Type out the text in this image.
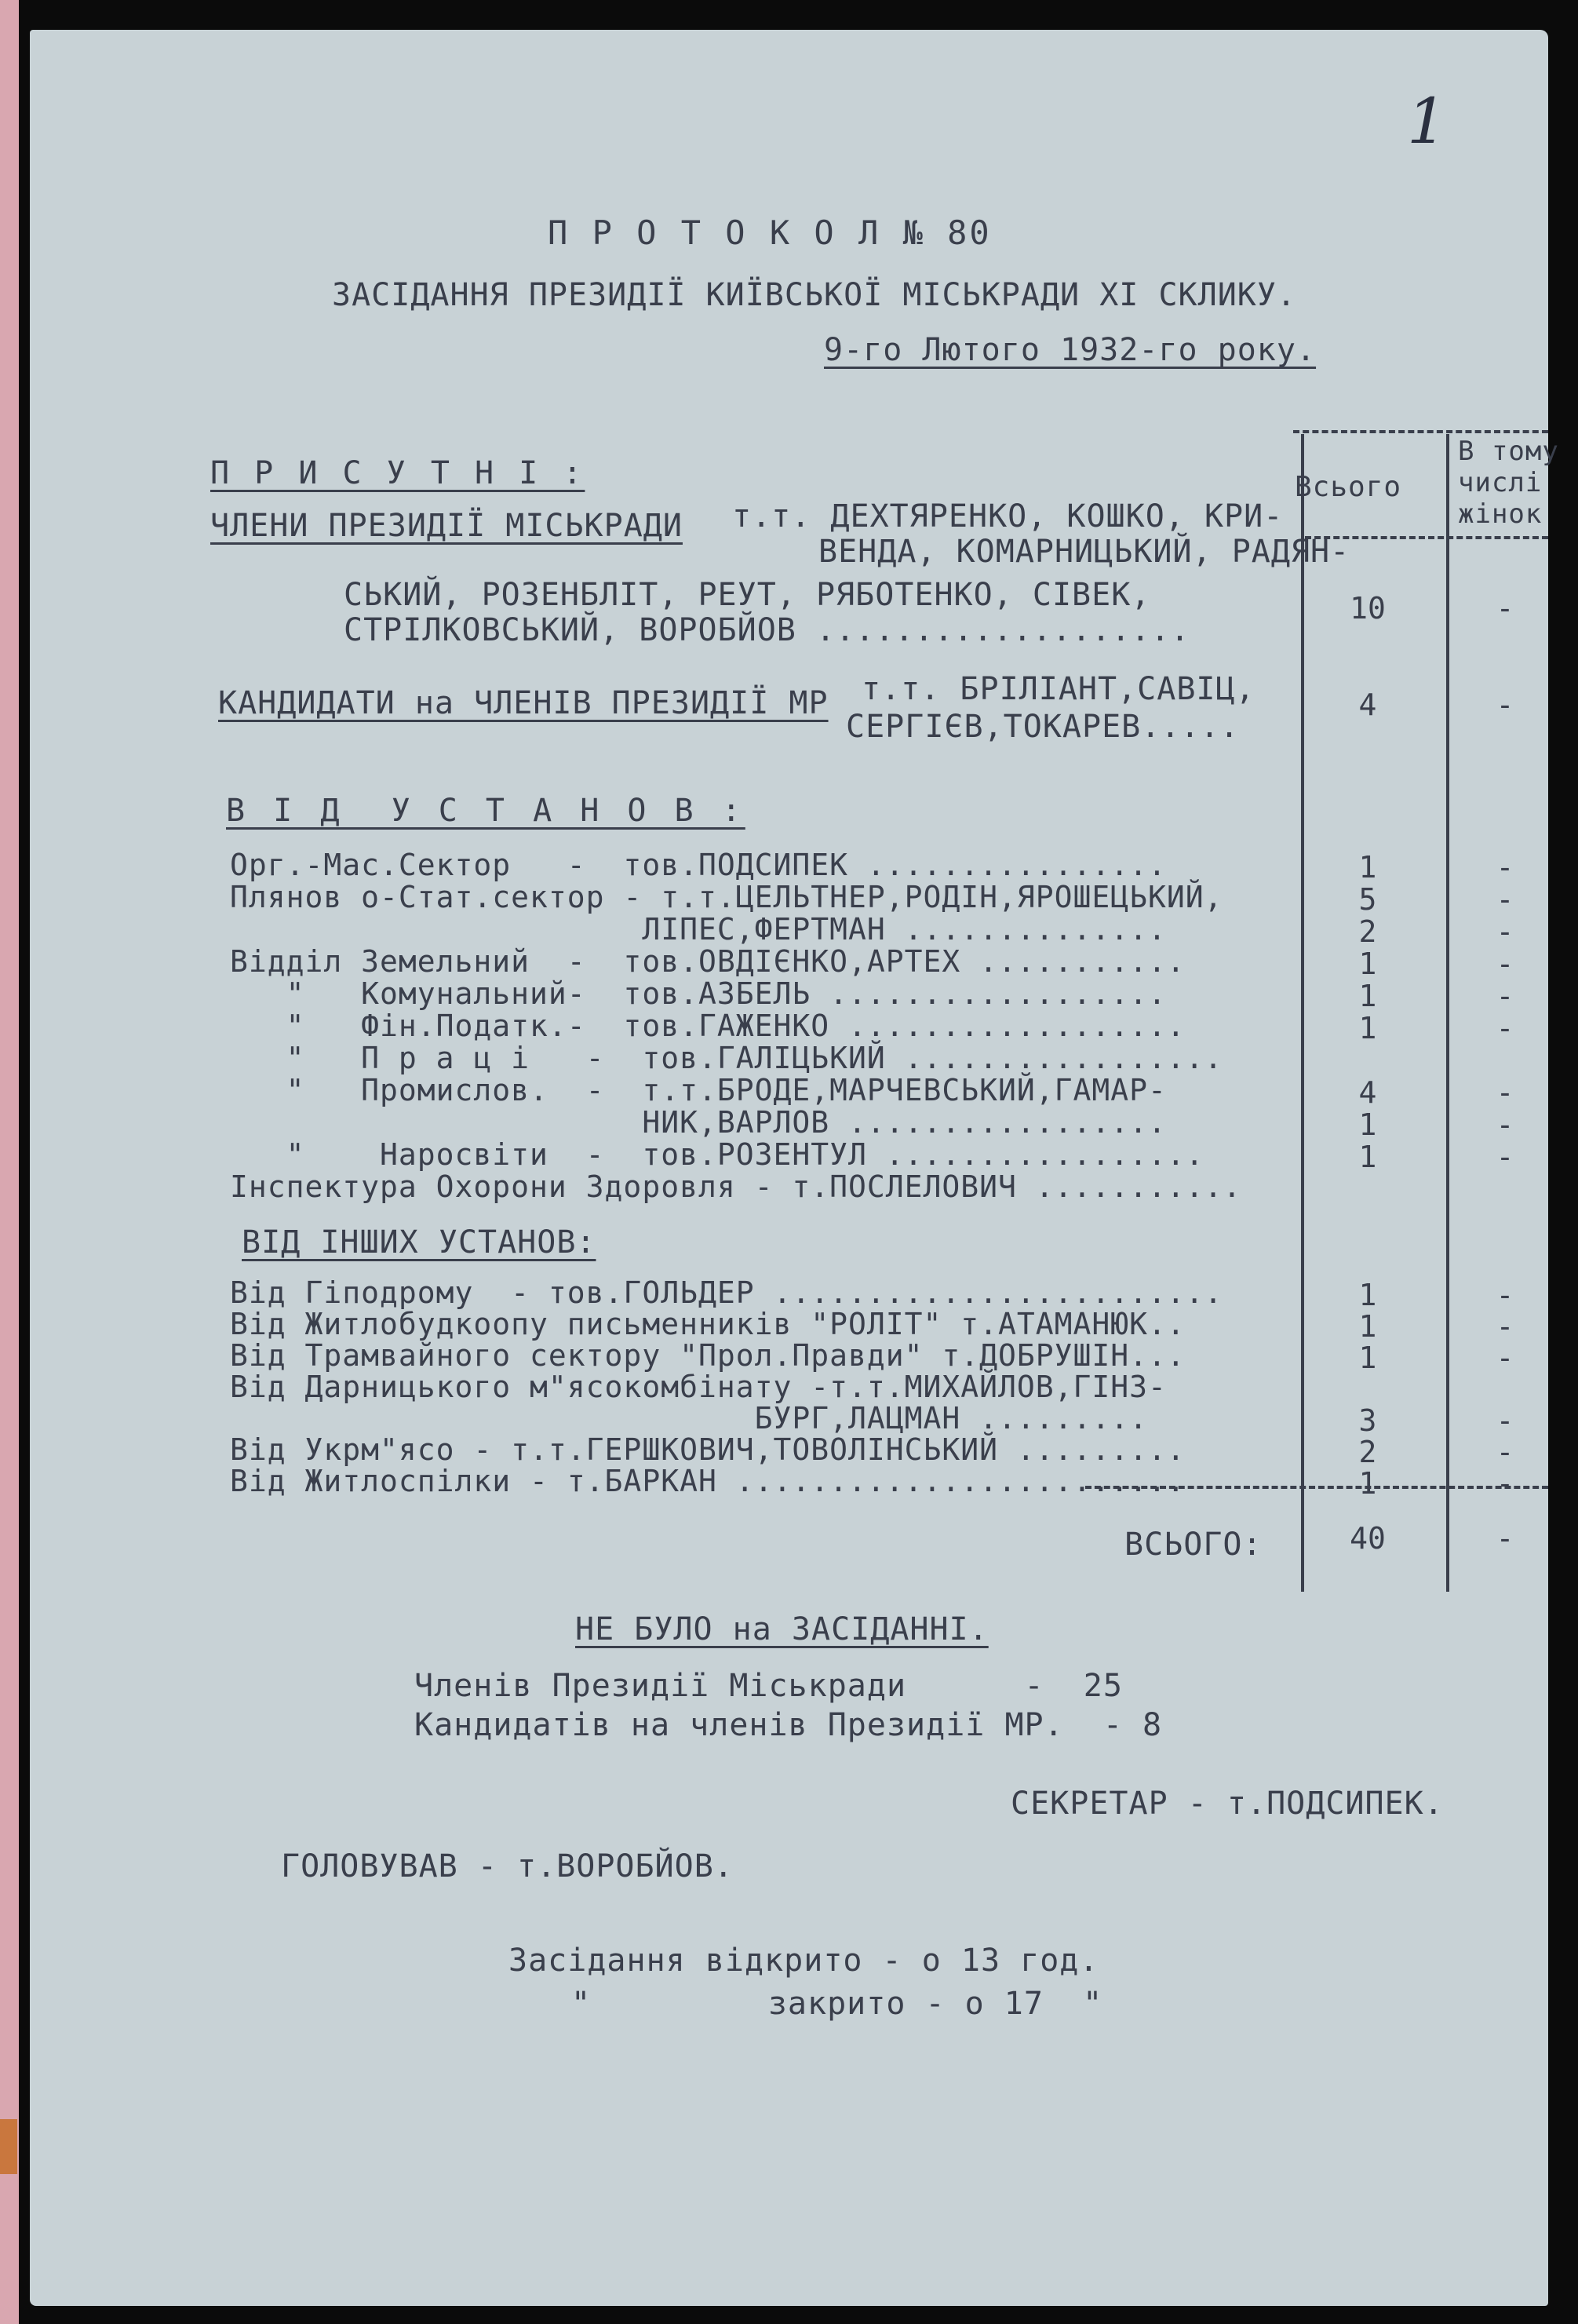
1
П Р О Т О К О Л № 80
ЗАСІДАННЯ ПРЕЗИДІЇ КИЇВСЬКОЇ МІСЬКРАДИ XI СКЛИКУ.
9-го Лютого 1932-го року.
Всього
В тому
числі
жінок
П Р И С У Т Н І :
ЧЛЕНИ ПРЕЗИДІЇ МІСЬКРАДИ т.т. ДЕХТЯРЕНКО, КОШКО, КРИ-
ВЕНДА, КОМАРНИЦЬКИЙ, РАДЯН-
СЬКИЙ, РОЗЕНБЛІТ, РЕУТ, РЯБОТЕНКО, СІВЕК,
СТРІЛКОВСЬКИЙ, ВОРОБЙОВ ...................
10	-
КАНДИДАТИ на ЧЛЕНІВ ПРЕЗИДІЇ МР т.т. БРІЛІАНТ,САВІЦ,
СЕРГІЄВ,ТОКАРЕВ.....
4	-
В І Д  У С Т А Н О В :
Орг.-Мас.Сектор   -  тов.ПОДСИПЕК ................	1	-
Плянов о-Стат.сектор - т.т.ЦЕЛЬТНЕР,РОДІН,ЯРОШЕЦЬКИЙ,	5	-
ЛІПЕС,ФЕРТМАН ..............	2	-
Відділ Земельний  -  тов.ОВДІЄНКО,АРТЕХ ...........	1	-
"   Комунальний-  тов.АЗБЕЛЬ ..................	1	-
"   Фін.Податк.-  тов.ГАЖЕНКО ..................	1	-
"   П р а ц і   -  тов.ГАЛІЦЬКИЙ .................
"   Промислов.  -  т.т.БРОДЕ,МАРЧЕВСЬКИЙ,ГАМАР-	4	-
НИК,ВАРЛОВ .................	1	-
"    Наросвіти  -  тов.РОЗЕНТУЛ .................	1	-
Інспектура Охорони Здоровля - т.ПОСЛЕЛОВИЧ ...........
ВІД ІНШИХ УСТАНОВ:
Від Гіподрому  - тов.ГОЛЬДЕР ........................	1	-
Від Житлобудкоопу письменників "РОЛІТ" т.АТАМАНЮК..	1	-
Від Трамвайного сектору "Прол.Правди" т.ДОБРУШІН...	1	-
Від Дарницького м"ясокомбінату -т.т.МИХАЙЛОВ,ГІНЗ-
БУРГ,ЛАЦМАН .........	3	-
Від Укрм"ясо - т.т.ГЕРШКОВИЧ,ТОВОЛІНСЬКИЙ .........	2	-
Від Житлоспілки - т.БАРКАН ........................	1	-
ВСЬОГО:	40	-
НЕ БУЛО на ЗАСІДАННІ.
Членів Президії Міськради      -  25
Кандидатів на членів Президії МР.  - 8
СЕКРЕТАР - т.ПОДСИПЕК.
ГОЛОВУВАВ - т.ВОРОБЙОВ.
Засідання відкрито - о 13 год.
"         закрито - о 17  "
